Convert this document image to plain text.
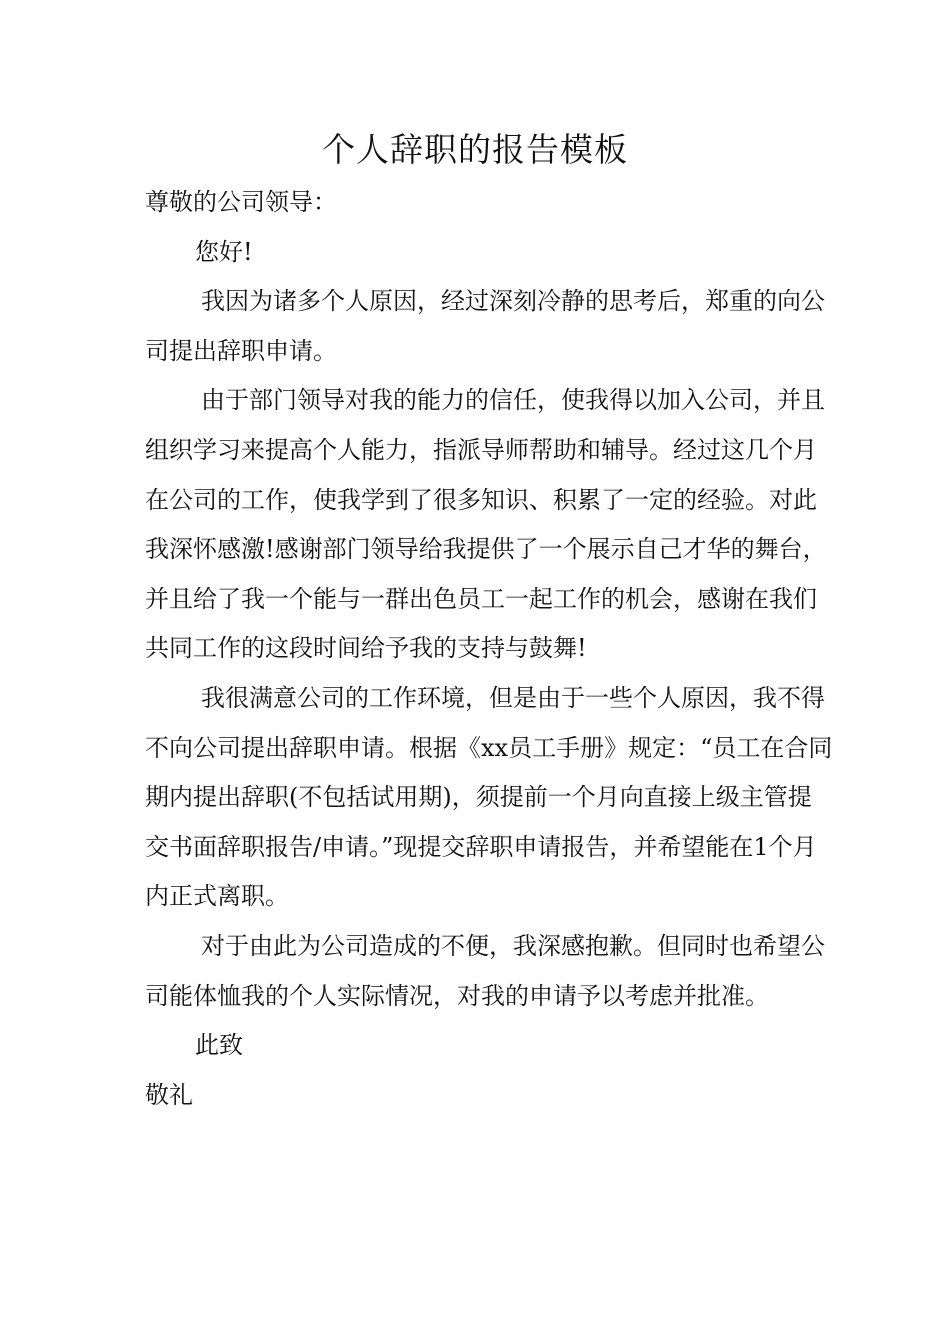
个人辞职的报告模板

尊敬的公司领导：

您好!

我因为诸多个人原因，经过深刻冷静的思考后，郑重的向公司提出辞职申请。

由于部门领导对我的能力的信任，使我得以加入公司，并且组织学习来提高个人能力，指派导师帮助和辅导。经过这几个月在公司的工作，使我学到了很多知识、积累了一定的经验。对此我深怀感激!感谢部门领导给我提供了一个展示自己才华的舞台，并且给了我一个能与一群出色员工一起工作的机会，感谢在我们共同工作的这段时间给予我的支持与鼓舞!

我很满意公司的工作环境，但是由于一些个人原因，我不得不向公司提出辞职申请。根据《xx员工手册》规定：“员工在合同期内提出辞职(不包括试用期)，须提前一个月向直接上级主管提交书面辞职报告/申请。”现提交辞职申请报告，并希望能在1个月内正式离职。

对于由此为公司造成的不便，我深感抱歉。但同时也希望公司能体恤我的个人实际情况，对我的申请予以考虑并批准。

此致

敬礼
